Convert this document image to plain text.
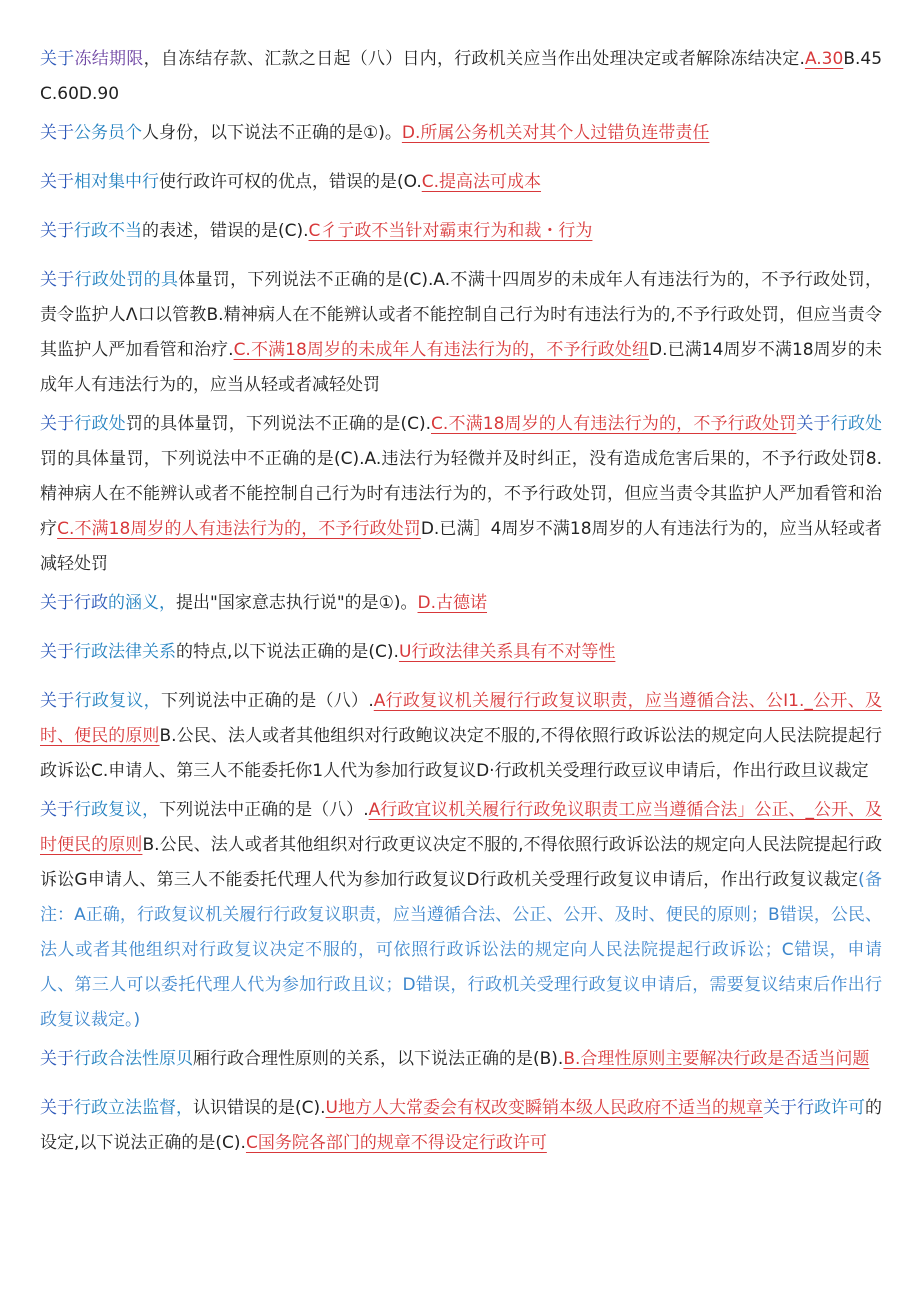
关于冻结期限，自冻结存款、汇款之日起（八）日内，行政机关应当作出处理决定或者解除冻结决定.A.30B.45C.60D.90

关于公务员个人身份，以下说法不正确的是①)。D.所属公务机关对其个人过错负连带责任

关于相对集中行使行政许可权的优点，错误的是(O.C.提高法可成本

关于行政不当的表述，错误的是(C).C彳亍政不当针对霸束行为和裁・行为

关于行政处罚的具体量罚，下列说法不正确的是(C).A.不满十四周岁的未成年人有违法行为的，不予行政处罚，责令监护人Λ口以管教B.精神病人在不能辨认或者不能控制自己行为时有违法行为的,不予行政处罚，但应当责令其监护人严加看管和治疗.C.不满18周岁的未成年人有违法行为的，不予行政处纽D.已满14周岁不满18周岁的未成年人有违法行为的，应当从轻或者减轻处罚

关于行政处罚的具体量罚，下列说法不正确的是(C).C.不满18周岁的人有违法行为的，不予行政处罚关于行政处罚的具体量罚，下列说法中不正确的是(C).A.违法行为轻微并及时纠正，没有造成危害后果的，不予行政处罚8.精神病人在不能辨认或者不能控制自己行为时有违法行为的，不予行政处罚，但应当责令其监护人严加看管和治疗C.不满18周岁的人有违法行为的，不予行政处罚D.已满］4周岁不满18周岁的人有违法行为的，应当从轻或者减轻处罚

关于行政的涵义，提出"国家意志执行说"的是①)。D.古德诺

关于行政法律关系的特点,以下说法正确的是(C).U行政法律关系具有不对等性

关于行政复议，下列说法中正确的是（八）.A行政复议机关履行行政复议职责，应当遵循合法、公I1._公开、及时、便民的原则B.公民、法人或者其他组织对行政鲍议决定不服的,不得依照行政诉讼法的规定向人民法院提起行政诉讼C.申请人、第三人不能委托你1人代为参加行政复议D·行政机关受理行政豆议申请后，作出行政旦议裁定

关于行政复议，下列说法中正确的是（八）.A行政宜议机关履行行政免议职责工应当遵循合法」公正、_公开、及时便民的原则B.公民、法人或者其他组织对行政更议决定不服的,不得依照行政诉讼法的规定向人民法院提起行政诉讼G申请人、第三人不能委托代理人代为参加行政复议D行政机关受理行政复议申请后，作出行政复议裁定(备注：A正确，行政复议机关履行行政复议职责，应当遵循合法、公正、公开、及时、便民的原则；B错误，公民、法人或者其他组织对行政复议决定不服的，可依照行政诉讼法的规定向人民法院提起行政诉讼；C错误，申请人、第三人可以委托代理人代为参加行政且议；D错误，行政机关受理行政复议申请后，需要复议结束后作出行政复议裁定。)

关于行政合法性原贝厢行政合理性原则的关系，以下说法正确的是(B).B.合理性原则主要解决行政是否适当问题

关于行政立法监督，认识错误的是(C).U地方人大常委会有权改变瞬销本级人民政府不适当的规章关于行政许可的设定,以下说法正确的是(C).C国务院各部门的规章不得设定行政许可
